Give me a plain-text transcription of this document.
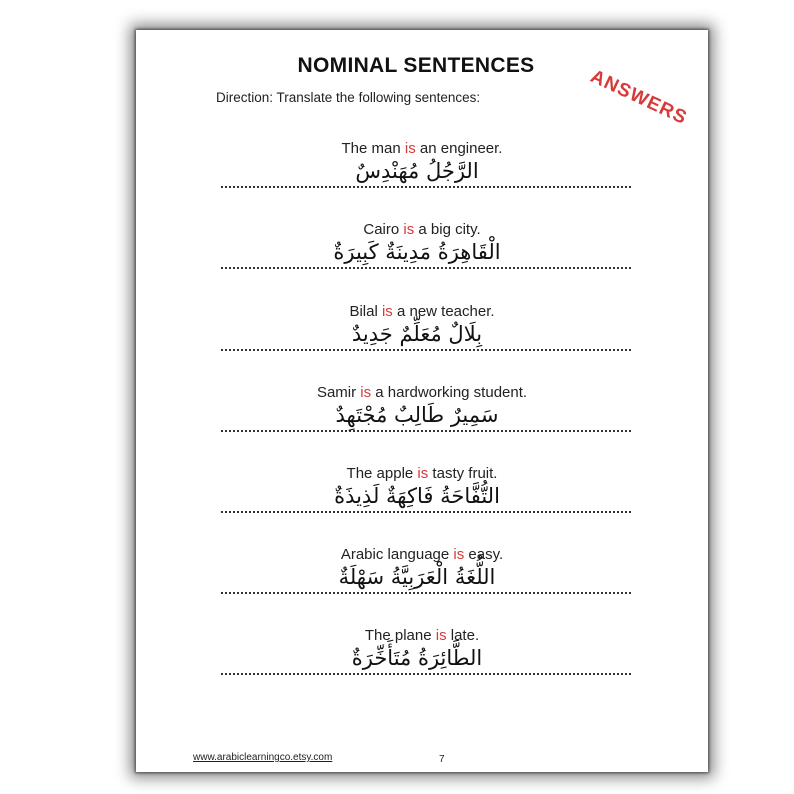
NOMINAL SENTENCES
ANSWERS
Direction: Translate the following sentences:
The man is an engineer.
الرَّجُلُ مُهَنْدِسٌ
Cairo is a big city.
الْقَاهِرَةُ مَدِينَةٌ كَبِيرَةٌ
Bilal is a new teacher.
بِلَالٌ مُعَلِّمٌ جَدِيدٌ
Samir is a hardworking student.
سَمِيرٌ طَالِبٌ مُجْتَهِدٌ
The apple is tasty fruit.
التُّفَّاحَةُ فَاكِهَةٌ لَذِيذَةٌ
Arabic language is easy.
اللُّغَةُ الْعَرَبِيَّةُ سَهْلَةٌ
The plane is late.
الطَّائِرَةُ مُتَأَخِّرَةٌ
www.arabiclearningco.etsy.com	7
